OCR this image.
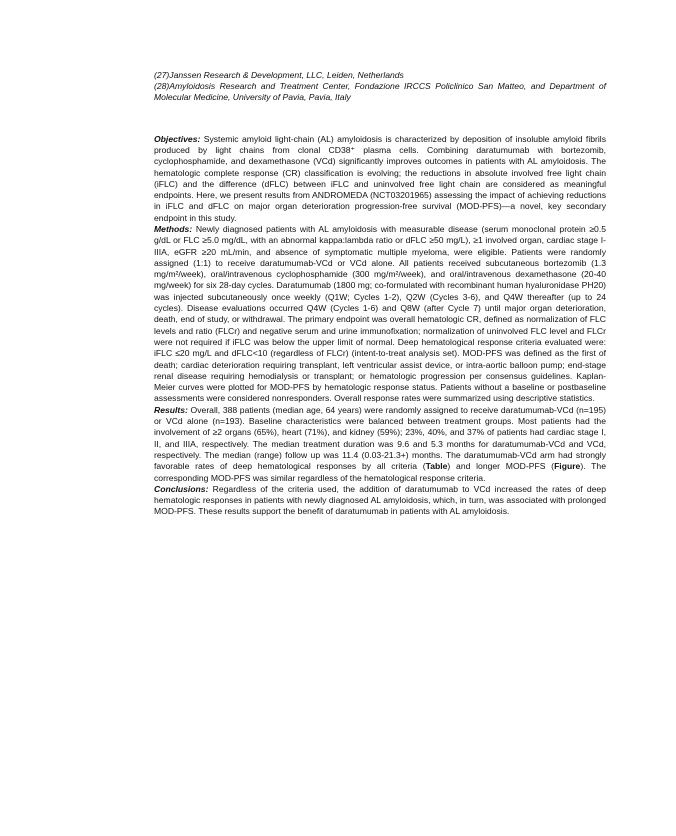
(27)Janssen Research & Development, LLC, Leiden, Netherlands

(28)Amyloidosis Research and Treatment Center, Fondazione IRCCS Policlinico San Matteo, and Department of Molecular Medicine, University of Pavia, Pavia, Italy

Objectives: Systemic amyloid light-chain (AL) amyloidosis is characterized by deposition of insoluble amyloid fibrils produced by light chains from clonal CD38⁺ plasma cells. Combining daratumumab with bortezomib, cyclophosphamide, and dexamethasone (VCd) significantly improves outcomes in patients with AL amyloidosis. The hematologic complete response (CR) classification is evolving; the reductions in absolute involved free light chain (iFLC) and the difference (dFLC) between iFLC and uninvolved free light chain are considered as meaningful endpoints. Here, we present results from ANDROMEDA (NCT03201965) assessing the impact of achieving reductions in iFLC and dFLC on major organ deterioration progression-free survival (MOD-PFS)—a novel, key secondary endpoint in this study.

Methods: Newly diagnosed patients with AL amyloidosis with measurable disease (serum monoclonal protein ≥0.5 g/dL or FLC ≥5.0 mg/dL, with an abnormal kappa:lambda ratio or dFLC ≥50 mg/L), ≥1 involved organ, cardiac stage I-IIIA, eGFR ≥20 mL/min, and absence of symptomatic multiple myeloma, were eligible. Patients were randomly assigned (1:1) to receive daratumumab-VCd or VCd alone. All patients received subcutaneous bortezomib (1.3 mg/m²/week), oral/intravenous cyclophosphamide (300 mg/m²/week), and oral/intravenous dexamethasone (20-40 mg/week) for six 28-day cycles. Daratumumab (1800 mg; co-formulated with recombinant human hyaluronidase PH20) was injected subcutaneously once weekly (Q1W; Cycles 1-2), Q2W (Cycles 3-6), and Q4W thereafter (up to 24 cycles). Disease evaluations occurred Q4W (Cycles 1-6) and Q8W (after Cycle 7) until major organ deterioration, death, end of study, or withdrawal. The primary endpoint was overall hematologic CR, defined as normalization of FLC levels and ratio (FLCr) and negative serum and urine immunofixation; normalization of uninvolved FLC level and FLCr were not required if iFLC was below the upper limit of normal. Deep hematological response criteria evaluated were: iFLC ≤20 mg/L and dFLC<10 (regardless of FLCr) (intent-to-treat analysis set). MOD-PFS was defined as the first of death; cardiac deterioration requiring transplant, left ventricular assist device, or intra-aortic balloon pump; end-stage renal disease requiring hemodialysis or transplant; or hematologic progression per consensus guidelines. Kaplan-Meier curves were plotted for MOD-PFS by hematologic response status. Patients without a baseline or postbaseline assessments were considered nonresponders. Overall response rates were summarized using descriptive statistics.

Results: Overall, 388 patients (median age, 64 years) were randomly assigned to receive daratumumab-VCd (n=195) or VCd alone (n=193). Baseline characteristics were balanced between treatment groups. Most patients had the involvement of ≥2 organs (65%), heart (71%), and kidney (59%); 23%, 40%, and 37% of patients had cardiac stage I, II, and IIIA, respectively. The median treatment duration was 9.6 and 5.3 months for daratumumab-VCd and VCd, respectively. The median (range) follow up was 11.4 (0.03-21.3+) months. The daratumumab-VCd arm had strongly favorable rates of deep hematological responses by all criteria (Table) and longer MOD-PFS (Figure). The corresponding MOD-PFS was similar regardless of the hematological response criteria.

Conclusions: Regardless of the criteria used, the addition of daratumumab to VCd increased the rates of deep hematologic responses in patients with newly diagnosed AL amyloidosis, which, in turn, was associated with prolonged MOD-PFS. These results support the benefit of daratumumab in patients with AL amyloidosis.
